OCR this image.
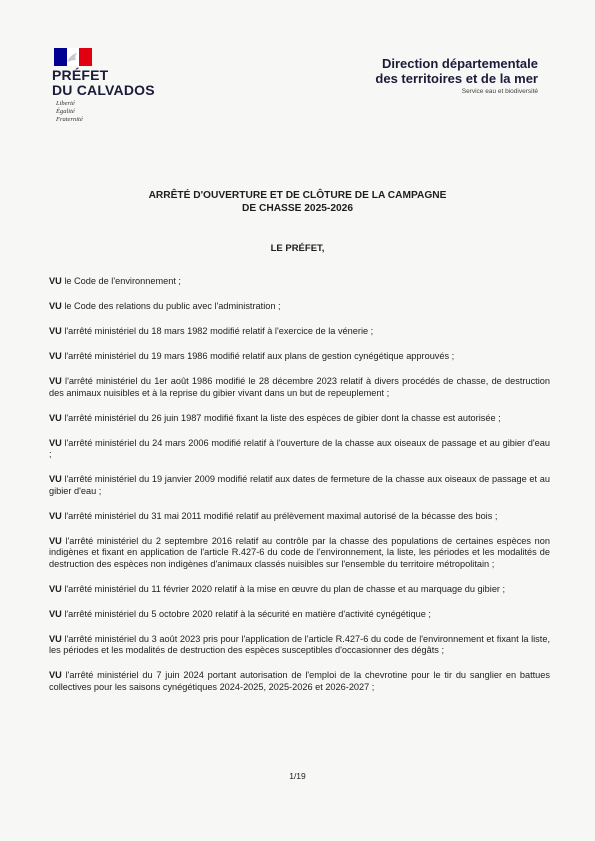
PRÉFET
DU CALVADOS
Liberté
Égalité
Fraternité
Direction départementale
des territoires et de la mer
Service eau et biodiversité
ARRÊTÉ D'OUVERTURE ET DE CLÔTURE DE LA CAMPAGNE
DE CHASSE 2025-2026
LE PRÉFET,
VU le Code de l'environnement ;
VU le Code des relations du public avec l'administration ;
VU l'arrêté ministériel du 18 mars 1982 modifié relatif à l'exercice de la vénerie ;
VU l'arrêté ministériel du 19 mars 1986 modifié relatif aux plans de gestion cynégétique approuvés ;
VU l'arrêté ministériel du 1er août 1986 modifié le 28 décembre 2023 relatif à divers procédés de chasse, de destruction des animaux nuisibles et à la reprise du gibier vivant dans un but de repeuplement ;
VU l'arrêté ministériel du 26 juin 1987 modifié fixant la liste des espèces de gibier dont la chasse est autorisée ;
VU l'arrêté ministériel du 24 mars 2006 modifié relatif à l'ouverture de la chasse aux oiseaux de passage et au gibier d'eau ;
VU l'arrêté ministériel du 19 janvier 2009 modifié relatif aux dates de fermeture de la chasse aux oiseaux de passage et au gibier d'eau ;
VU l'arrêté ministériel du 31 mai 2011 modifié relatif au prélèvement maximal autorisé de la bécasse des bois ;
VU l'arrêté ministériel du 2 septembre 2016 relatif au contrôle par la chasse des populations de certaines espèces non indigènes et fixant en application de l'article R.427-6 du code de l'environnement, la liste, les périodes et les modalités de destruction des espèces non indigènes d'animaux classés nuisibles sur l'ensemble du territoire métropolitain ;
VU l'arrêté ministériel du 11 février 2020 relatif à la mise en œuvre du plan de chasse et au marquage du gibier ;
VU l'arrêté ministériel du 5 octobre 2020 relatif à la sécurité en matière d'activité cynégétique ;
VU l'arrêté ministériel du 3 août 2023 pris pour l'application de l'article R.427-6 du code de l'environnement et fixant la liste, les périodes et les modalités de destruction des espèces susceptibles d'occasionner des dégâts ;
VU l'arrêté ministériel du 7 juin 2024 portant autorisation de l'emploi de la chevrotine pour le tir du sanglier en battues collectives pour les saisons cynégétiques 2024-2025, 2025-2026 et 2026-2027 ;
1/19
